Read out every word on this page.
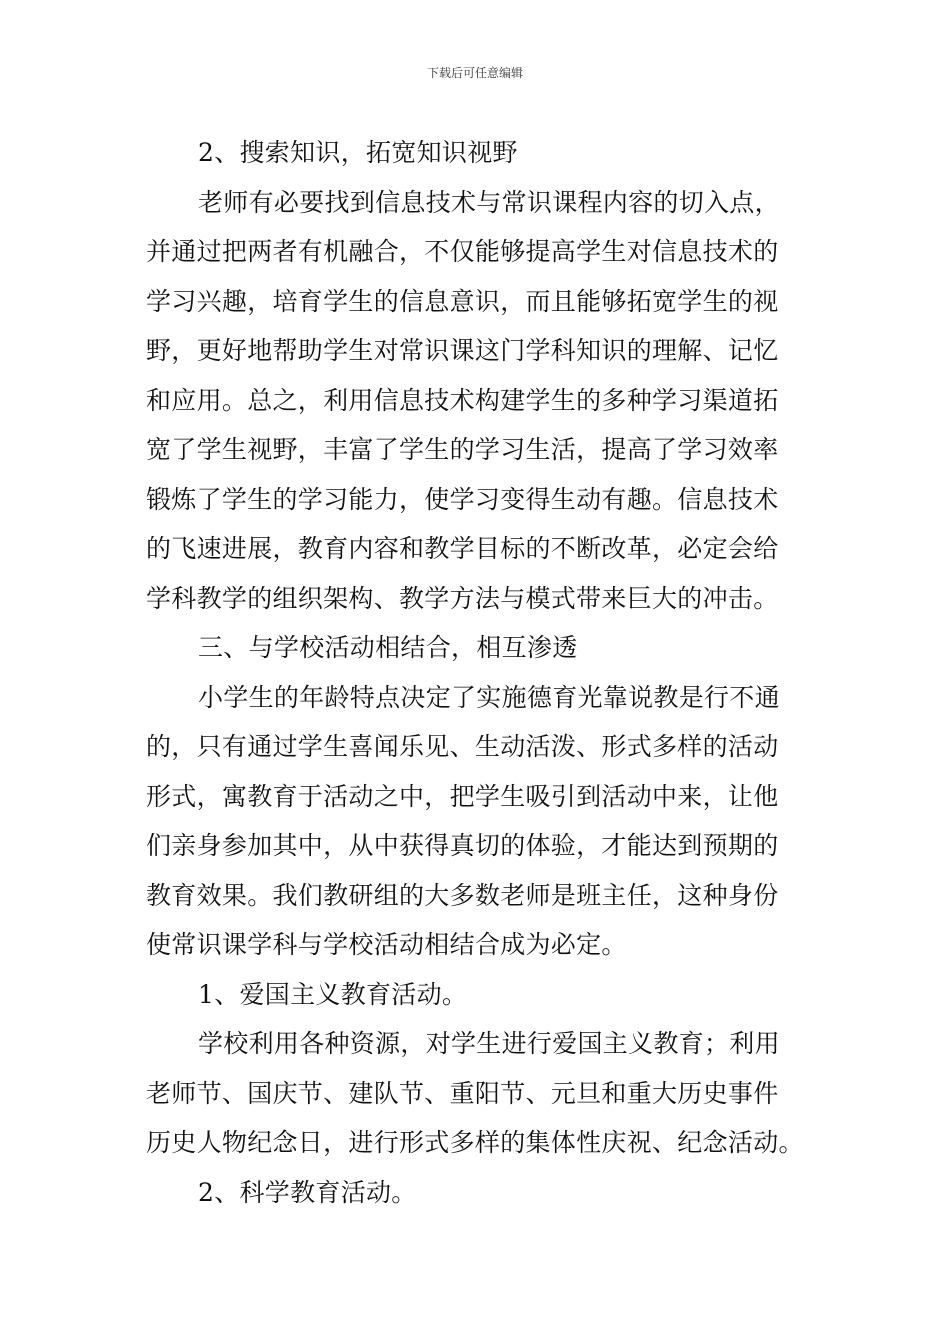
下载后可任意编辑
2、搜索知识，拓宽知识视野
老师有必要找到信息技术与常识课程内容的切入点，
并通过把两者有机融合，不仅能够提高学生对信息技术的
学习兴趣，培育学生的信息意识，而且能够拓宽学生的视
野，更好地帮助学生对常识课这门学科知识的理解、记忆
和应用。总之，利用信息技术构建学生的多种学习渠道拓
宽了学生视野，丰富了学生的学习生活，提高了学习效率
锻炼了学生的学习能力，使学习变得生动有趣。信息技术
的飞速进展，教育内容和教学目标的不断改革，必定会给
学科教学的组织架构、教学方法与模式带来巨大的冲击。
三、与学校活动相结合，相互渗透
小学生的年龄特点决定了实施德育光靠说教是行不通
的，只有通过学生喜闻乐见、生动活泼、形式多样的活动
形式，寓教育于活动之中，把学生吸引到活动中来，让他
们亲身参加其中，从中获得真切的体验，才能达到预期的
教育效果。我们教研组的大多数老师是班主任，这种身份
使常识课学科与学校活动相结合成为必定。
1、爱国主义教育活动。
学校利用各种资源，对学生进行爱国主义教育；利用
老师节、国庆节、建队节、重阳节、元旦和重大历史事件
历史人物纪念日，进行形式多样的集体性庆祝、纪念活动。
2、科学教育活动。
